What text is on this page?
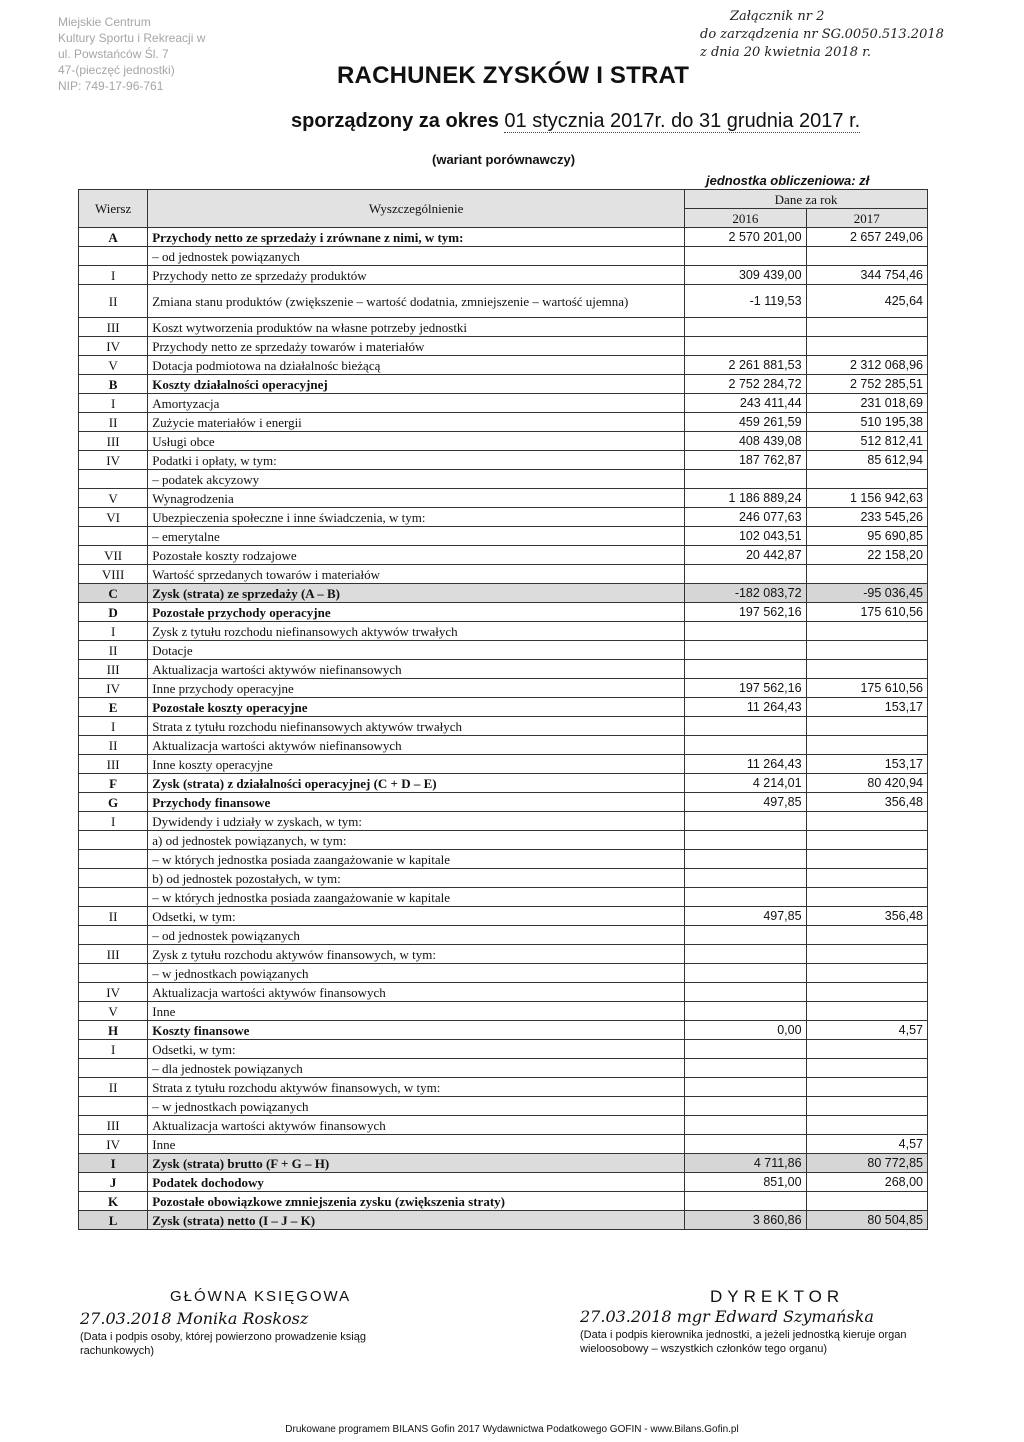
Miejskie Centrum
Kultury Sportu i Rekreacji w
ul. Powstańców Śl. 7
47-(pieczęć jednostki)
NIP: 749-17-96-761
Załącznik nr 2
do zarządzenia nr SG.0050.513.2018
z dnia 20 kwietnia 2018 r.
RACHUNEK ZYSKÓW I STRAT
sporządzony za okres 01 stycznia 2017r. do 31 grudnia 2017 r.
(wariant porównawczy)
jednostka obliczeniowa: zł
Wiersz	Wyszczególnienie	Dane za rok	
		2016	2017
A	Przychody netto ze sprzedaży i zrównane z nimi, w tym:	2 570 201,00	2 657 249,06
	– od jednostek powiązanych		
I	Przychody netto ze sprzedaży produktów	309 439,00	344 754,46
II	Zmiana stanu produktów (zwiększenie – wartość dodatnia, zmniejszenie – wartość ujemna)	-1 119,53	425,64
III	Koszt wytworzenia produktów na własne potrzeby jednostki		
IV	Przychody netto ze sprzedaży towarów i materiałów		
V	Dotacja podmiotowa na działalnośc bieżącą	2 261 881,53	2 312 068,96
B	Koszty działalności operacyjnej	2 752 284,72	2 752 285,51
I	Amortyzacja	243 411,44	231 018,69
II	Zużycie materiałów i energii	459 261,59	510 195,38
III	Usługi obce	408 439,08	512 812,41
IV	Podatki i opłaty, w tym:	187 762,87	85 612,94
	– podatek akcyzowy		
V	Wynagrodzenia	1 186 889,24	1 156 942,63
VI	Ubezpieczenia społeczne i inne świadczenia, w tym:	246 077,63	233 545,26
	– emerytalne	102 043,51	95 690,85
VII	Pozostałe koszty rodzajowe	20 442,87	22 158,20
VIII	Wartość sprzedanych towarów i materiałów		
C	Zysk (strata) ze sprzedaży (A – B)	-182 083,72	-95 036,45
D	Pozostałe przychody operacyjne	197 562,16	175 610,56
I	Zysk z tytułu rozchodu niefinansowych aktywów trwałych		
II	Dotacje		
III	Aktualizacja wartości aktywów niefinansowych		
IV	Inne przychody operacyjne	197 562,16	175 610,56
E	Pozostałe koszty operacyjne	11 264,43	153,17
I	Strata z tytułu rozchodu niefinansowych aktywów trwałych		
II	Aktualizacja wartości aktywów niefinansowych		
III	Inne koszty operacyjne	11 264,43	153,17
F	Zysk (strata) z działalności operacyjnej (C + D – E)	4 214,01	80 420,94
G	Przychody finansowe	497,85	356,48
I	Dywidendy i udziały w zyskach, w tym:		
	a) od jednostek powiązanych, w tym:		
	– w których jednostka posiada zaangażowanie w kapitale		
	b) od jednostek pozostałych, w tym:		
	– w których jednostka posiada zaangażowanie w kapitale		
II	Odsetki, w tym:	497,85	356,48
	– od jednostek powiązanych		
III	Zysk z tytułu rozchodu aktywów finansowych, w tym:		
	– w jednostkach powiązanych		
IV	Aktualizacja wartości aktywów finansowych		
V	Inne		
H	Koszty finansowe	0,00	4,57
I	Odsetki, w tym:		
	– dla jednostek powiązanych		
II	Strata z tytułu rozchodu aktywów finansowych, w tym:		
	– w jednostkach powiązanych		
III	Aktualizacja wartości aktywów finansowych		
IV	Inne		4,57
I	Zysk (strata) brutto (F + G – H)	4 711,86	80 772,85
J	Podatek dochodowy	851,00	268,00
K	Pozostałe obowiązkowe zmniejszenia zysku (zwiększenia straty)		
L	Zysk (strata) netto (I – J – K)	3 860,86	80 504,85
GŁÓWNA KSIĘGOWA
27.03.2018 Monika Roskosz
(Data i podpis osoby, której powierzono prowadzenie ksiąg rachunkowych)
DYREKTOR
27.03.2018 mgr Edward Szymańska
(Data i podpis kierownika jednostki, a jeżeli jednostką kieruje organ wieloosobowy – wszystkich członków tego organu)
Drukowane programem BILANS Gofin 2017 Wydawnictwa Podatkowego GOFIN - www.Bilans.Gofin.pl
